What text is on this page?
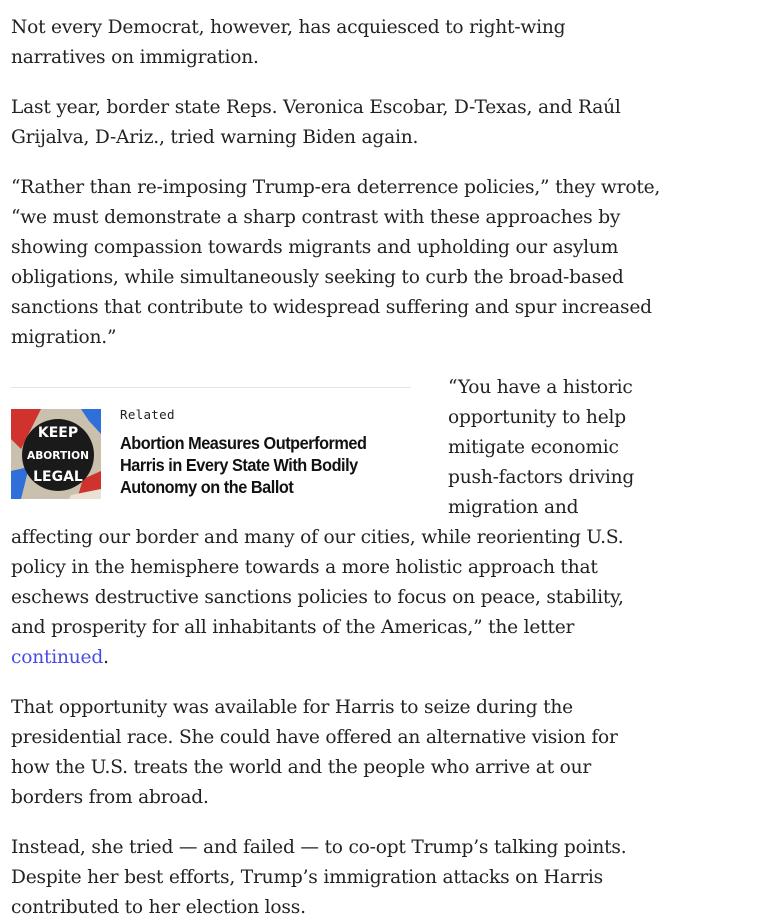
Not every Democrat, however, has acquiesced to right-wing narratives on immigration.

Last year, border state Reps. Veronica Escobar, D-Texas, and Raúl Grijalva, D-Ariz., tried warning Biden again.

“Rather than re-imposing Trump-era deterrence policies,” they wrote, “we must demonstrate a sharp contrast with these approaches by showing compassion towards migrants and upholding our asylum obligations, while simultaneously seeking to curb the broad-based sanctions that contribute to widespread suffering and spur increased migration.”

KEEP
ABORTION
LEGAL
Related
Abortion Measures Outperformed Harris in Every State With Bodily Autonomy on the Ballot

“You have a historic opportunity to help mitigate economic push-factors driving migration and affecting our border and many of our cities, while reorienting U.S. policy in the hemisphere towards a more holistic approach that eschews destructive sanctions policies to focus on peace, stability, and prosperity for all inhabitants of the Americas,” the letter continued.

That opportunity was available for Harris to seize during the presidential race. She could have offered an alternative vision for how the U.S. treats the world and the people who arrive at our borders from abroad.

Instead, she tried — and failed — to co-opt Trump’s talking points. Despite her best efforts, Trump’s immigration attacks on Harris contributed to her election loss.
